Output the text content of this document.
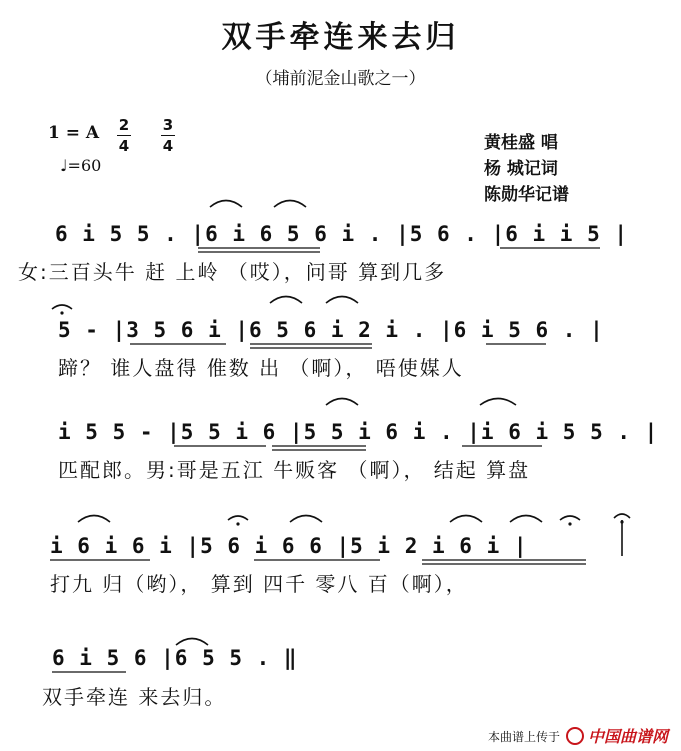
双手牵连来去归
（埔前泥金山歌之一）
1 = A 2
4
3
4
♩=60
黄桂盛 唱
杨 城记词
陈勋华记谱
6 i 5 5 . |6 i 6 5 6 i . |5 6 . |6 i i 5 |
女:三百头牛 赶 上岭 （哎），问哥 算到几多
5 - |3 5 6 i |6 5 6 i 2 i . |6 i 5 6 . |
蹄？ 谁人盘得 倠数 出 （啊）， 唔使媒人
i 5 5 - |5 5 i 6 |5 5 i 6 i . |i 6 i 5 5 . |
匹配郎。男:哥是五江 牛贩客 （啊）， 结起 算盘
i 6 i 6 i |5 6 i 6 6 |5 i 2 i 6 i |
打九 归（哟）， 算到 四千 零八 百（啊），
6 i 5 6 |6 5 5 . ‖
双手牵连 来去归。
本曲谱上传于	中国曲谱网
